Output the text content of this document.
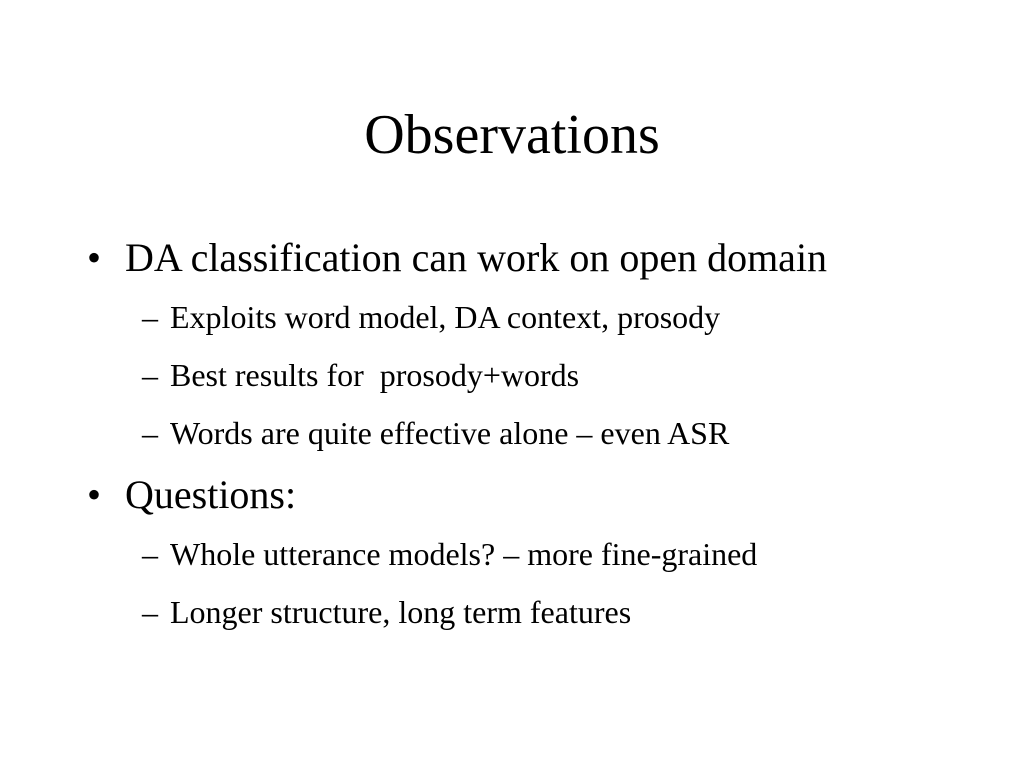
Observations
• DA classification can work on open domain
– Exploits word model, DA context, prosody
– Best results for  prosody+words
– Words are quite effective alone – even ASR
• Questions:
– Whole utterance models? – more fine-grained
– Longer structure, long term features
